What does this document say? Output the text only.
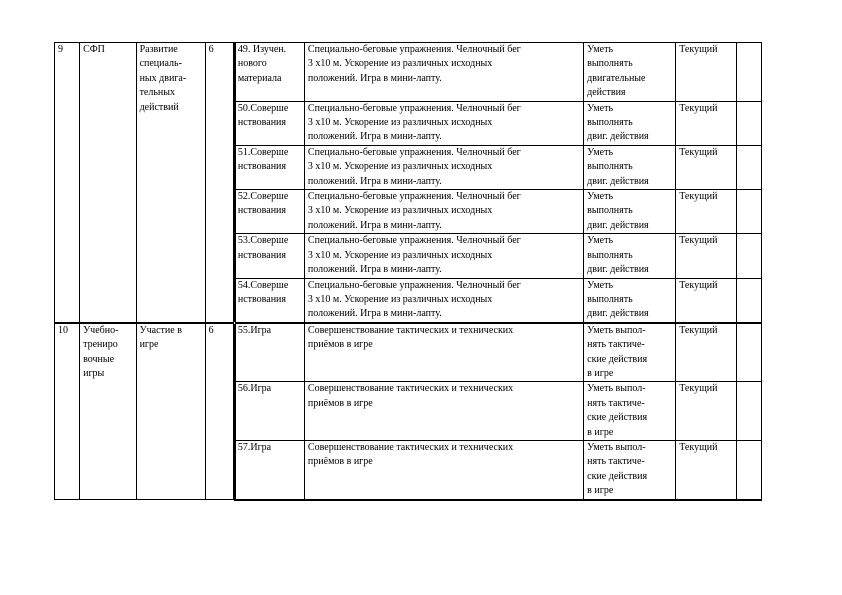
9	СФП	Развитие
специаль-
ных двига-
тельных
действий	6		49. Изучен.
нового
материала	Специально-беговые упражнения. Челночный бег
3 х10 м. Ускорение из различных исходных
положений. Игра в мини-лапту.	Уметь
выполнять
двигательные
действия	Текущий	
				50.Соверше
нствования	Специально-беговые упражнения. Челночный бег
3 х10 м. Ускорение из различных исходных
положений. Игра в мини-лапту.	Уметь
выполнять
двиг. действия	Текущий	
				51.Соверше
нствования	Специально-беговые упражнения. Челночный бег
3 х10 м. Ускорение из различных исходных
положений. Игра в мини-лапту.	Уметь
выполнять
двиг. действия	Текущий	
				52.Соверше
нствования	Специально-беговые упражнения. Челночный бег
3 х10 м. Ускорение из различных исходных
положений. Игра в мини-лапту.	Уметь
выполнять
двиг. действия	Текущий	
				53.Соверше
нствования	Специально-беговые упражнения. Челночный бег
3 х10 м. Ускорение из различных исходных
положений. Игра в мини-лапту.	Уметь
выполнять
двиг. действия	Текущий	
				54.Соверше
нствования	Специально-беговые упражнения. Челночный бег
3 х10 м. Ускорение из различных исходных
положений. Игра в мини-лапту.	Уметь
выполнять
двиг. действия	Текущий	
10	Учебно-
трениро
вочные
игры	Участие в
игре	6		55.Игра	Совершенствование тактических и технических
приёмов в игре	Уметь выпол-
нять тактиче-
ские действия
в игре	Текущий	
				56.Игра	Совершенствование тактических и технических
приёмов в игре	Уметь выпол-
нять тактиче-
ские действия
в игре	Текущий	
				57.Игра	Совершенствование тактических и технических
приёмов в игре	Уметь выпол-
нять тактиче-
ские действия
в игре	Текущий	
